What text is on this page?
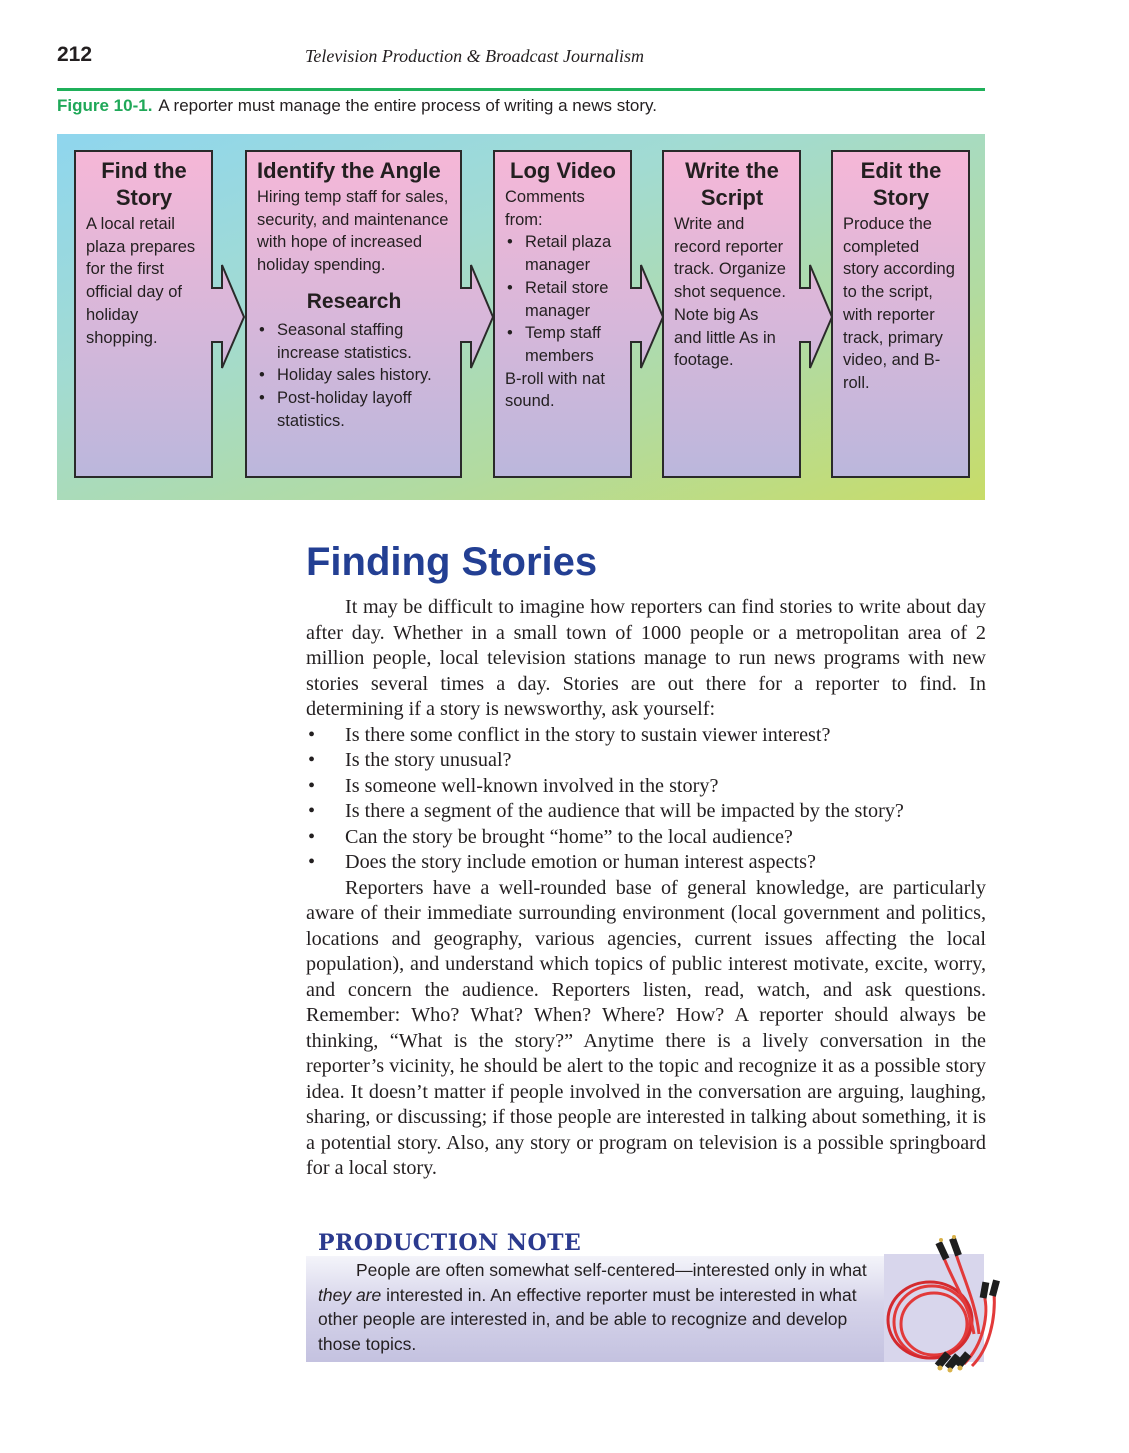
212	Television Production & Broadcast Journalism
Figure 10-1. A reporter must manage the entire process of writing a news story.
Find the Story

A local retail plaza prepares for the first official day of holiday shopping.

Identify the Angle

Hiring temp staff for sales, security, and maintenance with hope of increased holiday spending.

Research
• Seasonal staffing increase statistics.
• Holiday sales history.
• Post-holiday layoff statistics.
Log Video

Comments from:

• Retail plaza manager
• Retail store manager
• Temp staff members

B-roll with nat sound.

Write the Script

Write and record reporter track. Organize shot sequence. Note big As and little As in footage.

Edit the Story

Produce the completed story according to the script, with reporter track, primary video, and B-roll.

Finding Stories

It may be difficult to imagine how reporters can find stories to write about day after day. Whether in a small town of 1000 people or a metropolitan area of 2 million people, local television stations manage to run news programs with new stories several times a day. Stories are out there for a reporter to find. In determining if a story is newsworthy, ask yourself:

• Is there some conflict in the story to sustain viewer interest?
• Is the story unusual?
• Is someone well-known involved in the story?
• Is there a segment of the audience that will be impacted by the story?
• Can the story be brought “home” to the local audience?
• Does the story include emotion or human interest aspects?

Reporters have a well-rounded base of general knowledge, are particularly aware of their immediate surrounding environment (local government and politics, locations and geography, various agencies, current issues affecting the local population), and understand which topics of public interest motivate, excite, worry, and concern the audience. Reporters listen, read, watch, and ask questions. Remember: Who? What? When? Where? How? A reporter should always be thinking, “What is the story?” Anytime there is a lively conversation in the reporter’s vicinity, he should be alert to the topic and recognize it as a possible story idea. It doesn’t matter if people involved in the conversation are arguing, laughing, sharing, or discussing; if those people are interested in talking about something, it is a potential story. Also, any story or program on television is a possible springboard for a local story.

PRODUCTION NOTE
People are often somewhat self-centered—interested only in what they are interested in. An effective reporter must be interested in what other people are interested in, and be able to recognize and develop those topics.
